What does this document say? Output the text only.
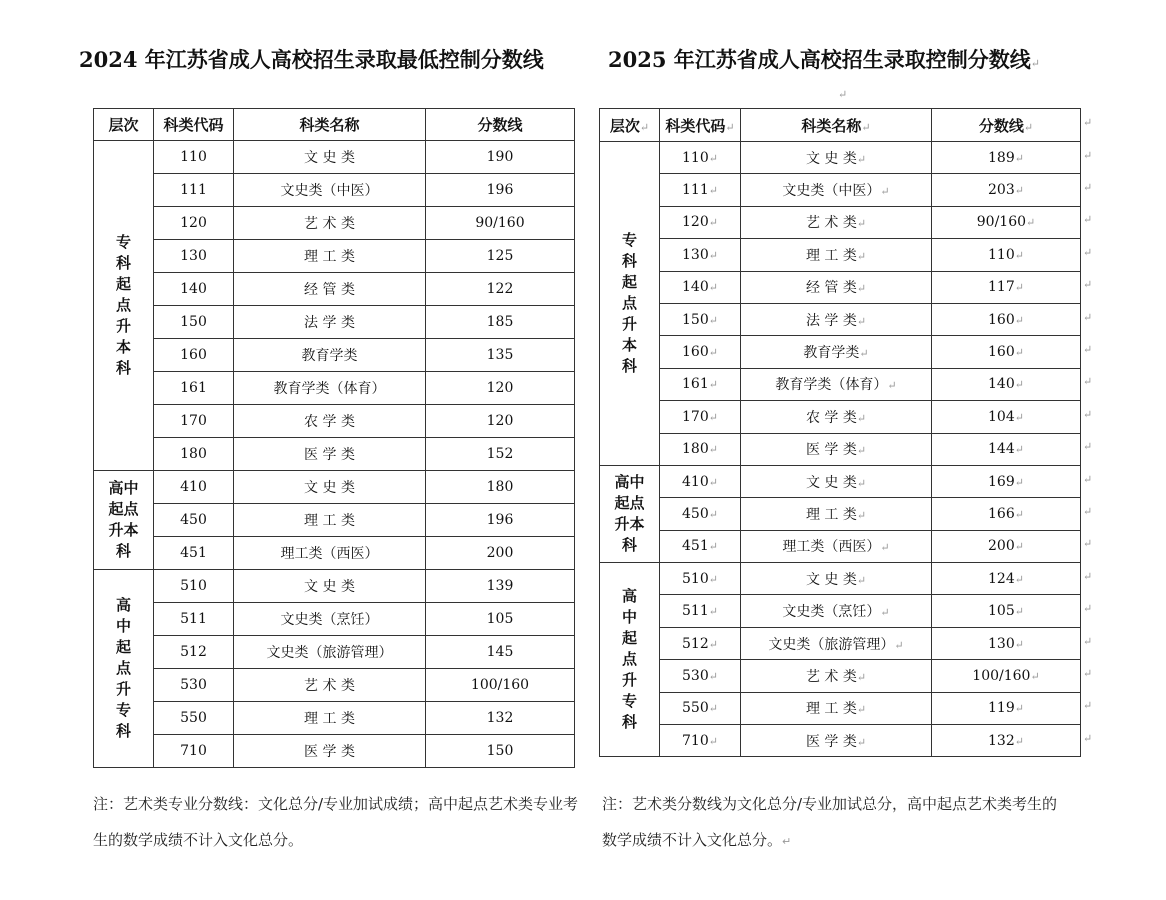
2024 年江苏省成人高校招生录取最低控制分数线	2025 年江苏省成人高校招生录取控制分数线↵
↵
层次	科类代码	科类名称	分数线
专科起点升本科	110	文 史 类	190
	111	文史类（中医）	196
	120	艺 术 类	90/160
	130	理 工 类	125
	140	经 管 类	122
	150	法 学 类	185
	160	教育学类	135
	161	教育学类（体育）	120
	170	农 学 类	120
	180	医 学 类	152
高中起点升本科	410	文 史 类	180
	450	理 工 类	196
	451	理工类（西医）	200
高中起点升专科	510	文 史 类	139
	511	文史类（烹饪）	105
	512	文史类（旅游管理）	145
	530	艺 术 类	100/160
	550	理 工 类	132
	710	医 学 类	150
层次↵	科类代码↵	科类名称↵	分数线↵
专科起点升本科	110↵	文 史 类↵	189↵
	111↵	文史类（中医）↵	203↵
	120↵	艺 术 类↵	90/160↵
	130↵	理 工 类↵	110↵
	140↵	经 管 类↵	117↵
	150↵	法 学 类↵	160↵
	160↵	教育学类↵	160↵
	161↵	教育学类（体育）↵	140↵
	170↵	农 学 类↵	104↵
	180↵	医 学 类↵	144↵
高中起点升本科	410↵	文 史 类↵	169↵
	450↵	理 工 类↵	166↵
	451↵	理工类（西医）↵	200↵
高中起点升专科	510↵	文 史 类↵	124↵
	511↵	文史类（烹饪）↵	105↵
	512↵	文史类（旅游管理）↵	130↵
	530↵	艺 术 类↵	100/160↵
	550↵	理 工 类↵	119↵
	710↵	医 学 类↵	132↵

注：艺术类专业分数线：文化总分/专业加试成绩；高中起点艺术类专业考生的数学成绩不计入文化总分。

注：艺术类分数线为文化总分/专业加试总分，高中起点艺术类考生的数学成绩不计入文化总分。↵

↵
↵
↵
↵
↵
↵
↵
↵
↵
↵
↵
↵
↵
↵
↵
↵
↵
↵
↵
↵
